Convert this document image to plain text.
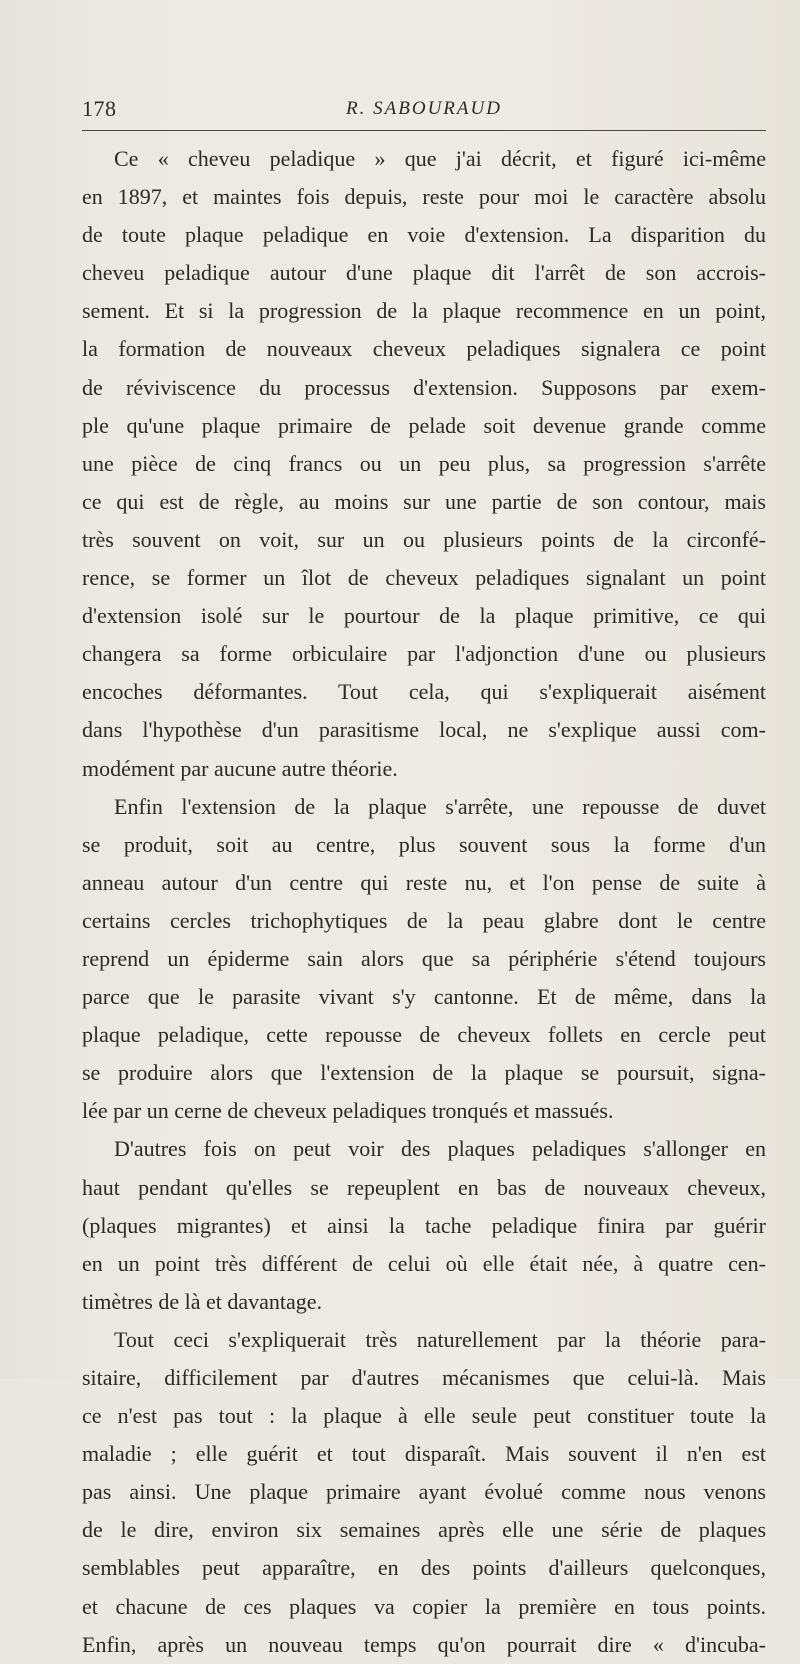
178	R. SABOURAUD
Ce « cheveu peladique » que j'ai décrit, et figuré ici-même
en 1897, et maintes fois depuis, reste pour moi le caractère absolu
de toute plaque peladique en voie d'extension. La disparition du
cheveu peladique autour d'une plaque dit l'arrêt de son accrois-
sement. Et si la progression de la plaque recommence en un point,
la formation de nouveaux cheveux peladiques signalera ce point
de réviviscence du processus d'extension. Supposons par exem-
ple qu'une plaque primaire de pelade soit devenue grande comme
une pièce de cinq francs ou un peu plus, sa progression s'arrête
ce qui est de règle, au moins sur une partie de son contour, mais
très souvent on voit, sur un ou plusieurs points de la circonfé-
rence, se former un îlot de cheveux peladiques signalant un point
d'extension isolé sur le pourtour de la plaque primitive, ce qui
changera sa forme orbiculaire par l'adjonction d'une ou plusieurs
encoches déformantes. Tout cela, qui s'expliquerait aisément
dans l'hypothèse d'un parasitisme local, ne s'explique aussi com-
modément par aucune autre théorie.
Enfin l'extension de la plaque s'arrête, une repousse de duvet
se produit, soit au centre, plus souvent sous la forme d'un
anneau autour d'un centre qui reste nu, et l'on pense de suite à
certains cercles trichophytiques de la peau glabre dont le centre
reprend un épiderme sain alors que sa périphérie s'étend toujours
parce que le parasite vivant s'y cantonne. Et de même, dans la
plaque peladique, cette repousse de cheveux follets en cercle peut
se produire alors que l'extension de la plaque se poursuit, signa-
lée par un cerne de cheveux peladiques tronqués et massués.
D'autres fois on peut voir des plaques peladiques s'allonger en
haut pendant qu'elles se repeuplent en bas de nouveaux cheveux,
(plaques migrantes) et ainsi la tache peladique finira par guérir
en un point très différent de celui où elle était née, à quatre cen-
timètres de là et davantage.
Tout ceci s'expliquerait très naturellement par la théorie para-
sitaire, difficilement par d'autres mécanismes que celui-là. Mais
ce n'est pas tout : la plaque à elle seule peut constituer toute la
maladie ; elle guérit et tout disparaît. Mais souvent il n'en est
pas ainsi. Une plaque primaire ayant évolué comme nous venons
de le dire, environ six semaines après elle une série de plaques
semblables peut apparaître, en des points d'ailleurs quelconques,
et chacune de ces plaques va copier la première en tous points.
Enfin, après un nouveau temps qu'on pourrait dire « d'incuba-
